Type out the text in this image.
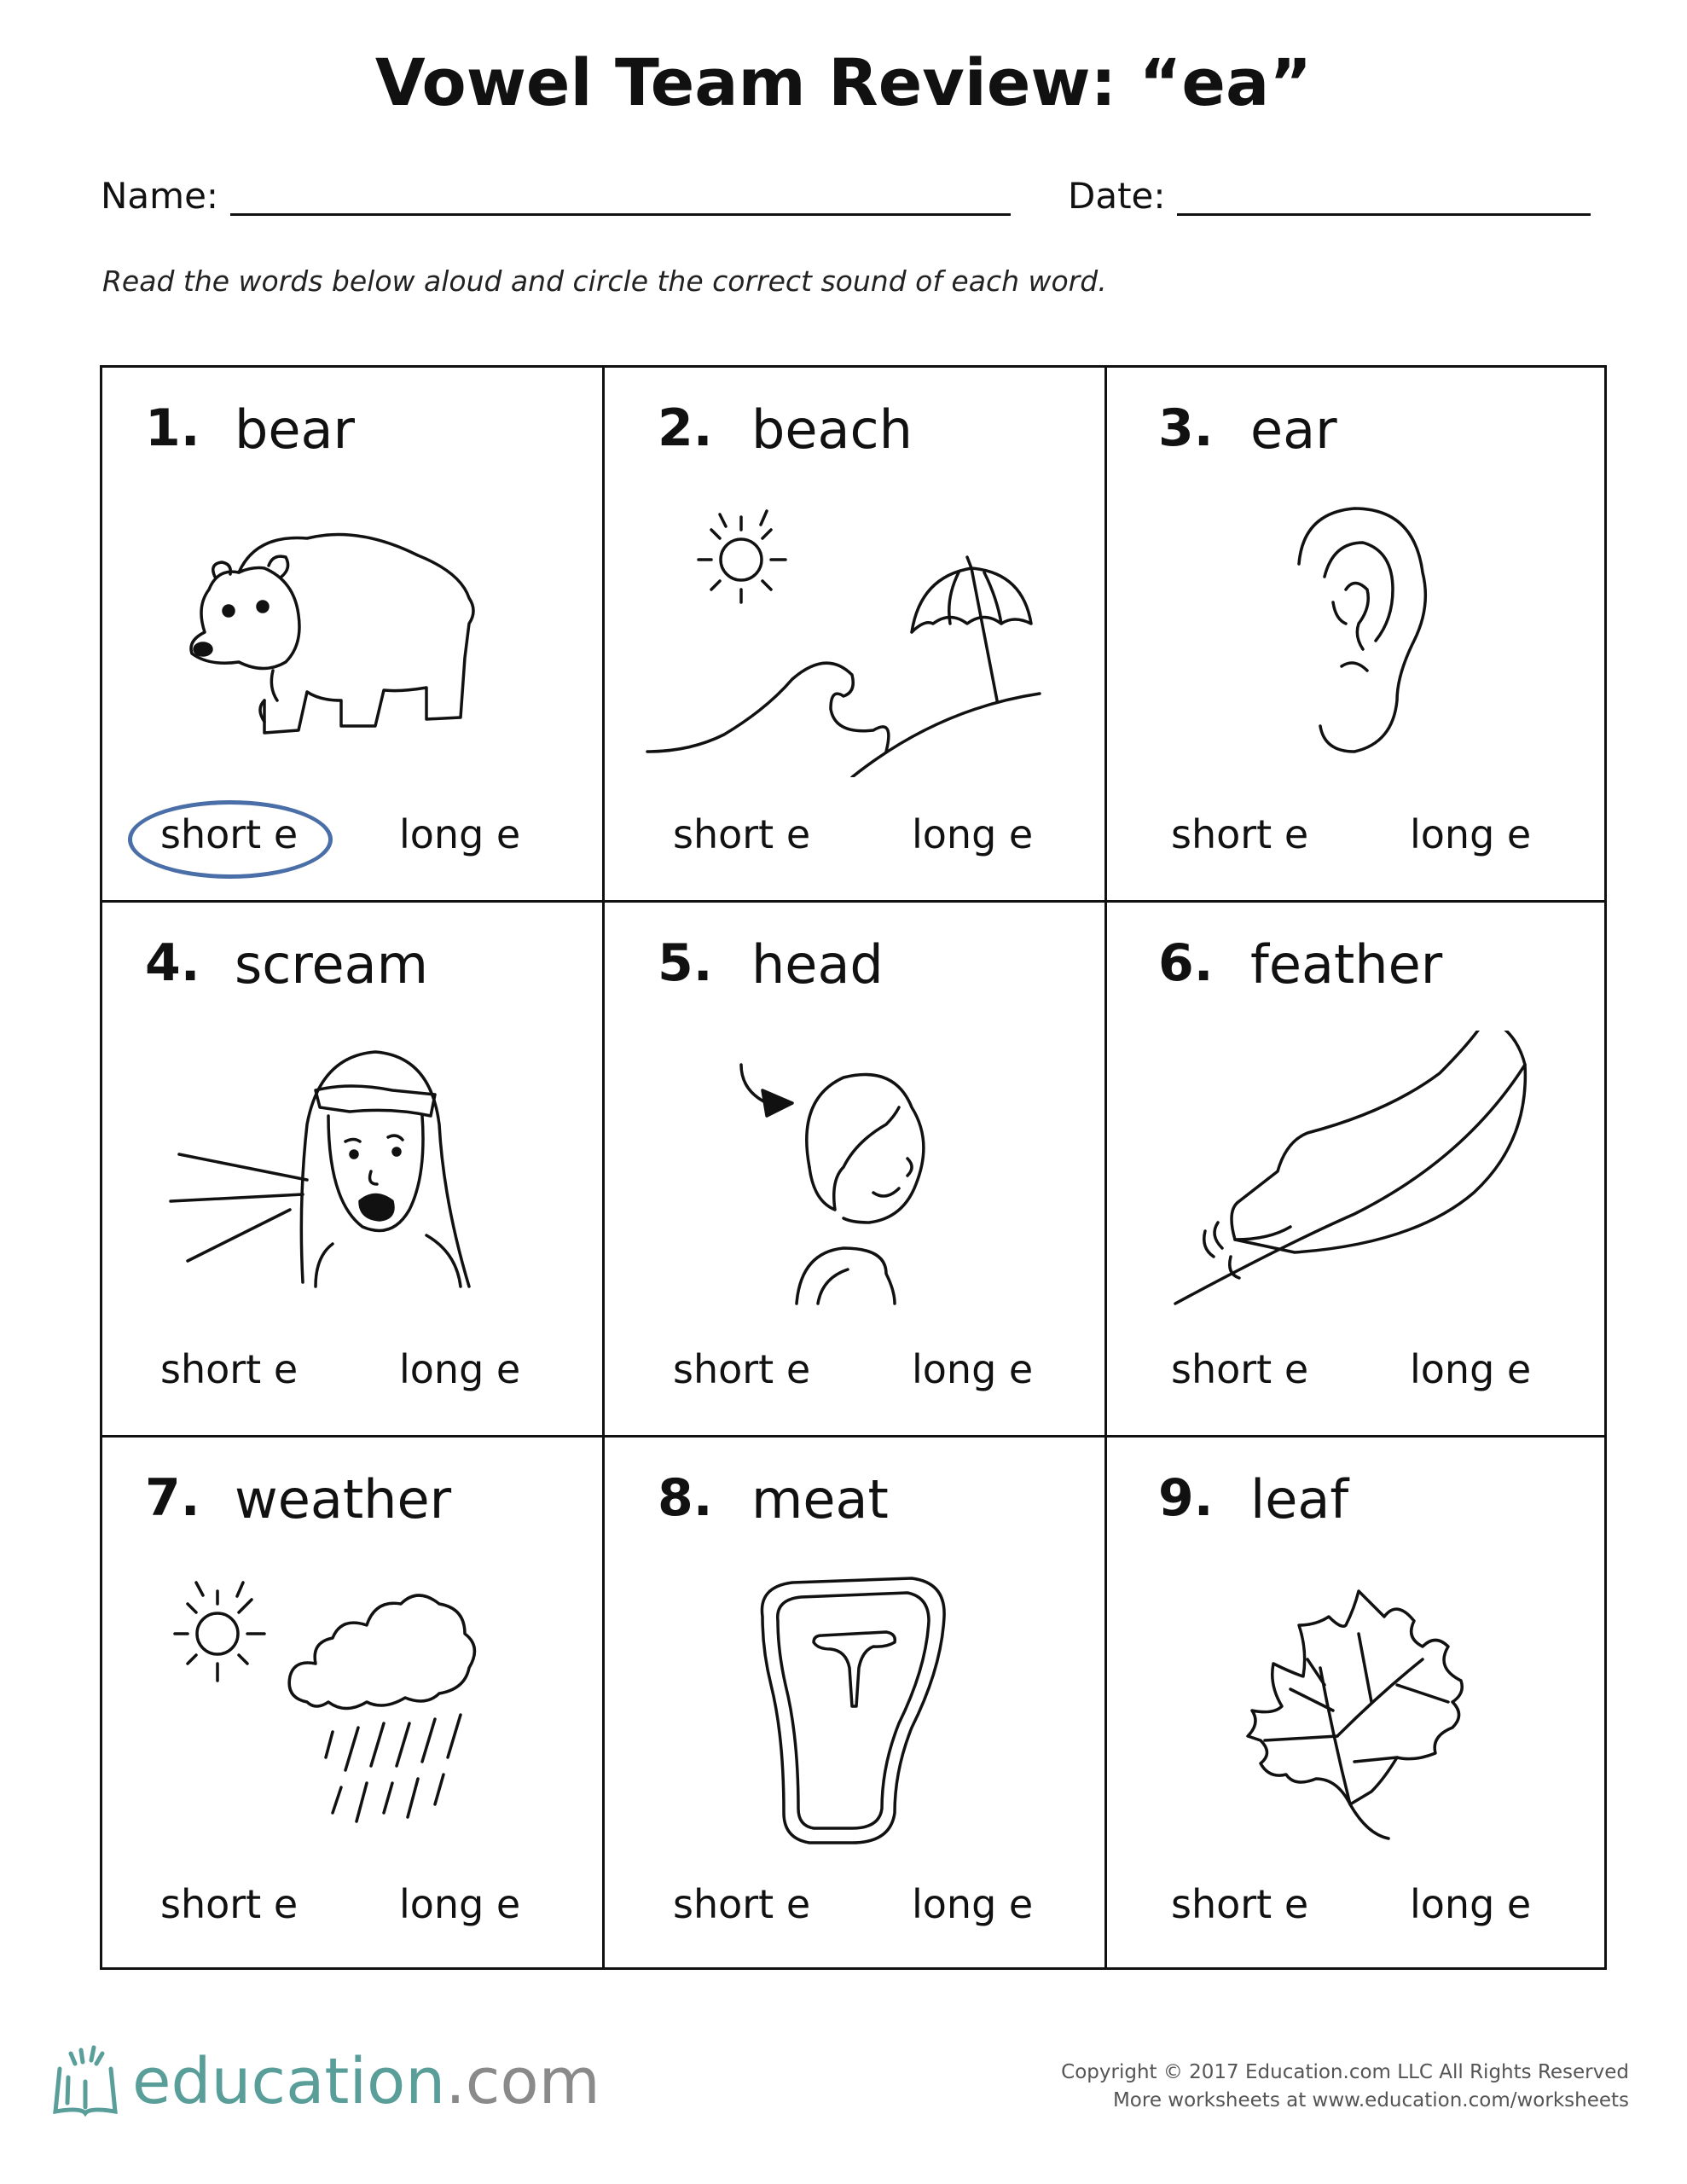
Vowel Team Review: “ea”
Name:	Date:
Read the words below aloud and circle the correct sound of each word.
1. bear
short e	long e
2. beach
short e	long e
3. ear
short e	long e
4. scream
short e	long e
5. head
short e	long e
6. feather
short e	long e
7. weather
short e	long e
8. meat
short e	long e
9. leaf
short e	long e
education.com	Copyright © 2017 Education.com LLC All Rights Reserved
More worksheets at www.education.com/worksheets
